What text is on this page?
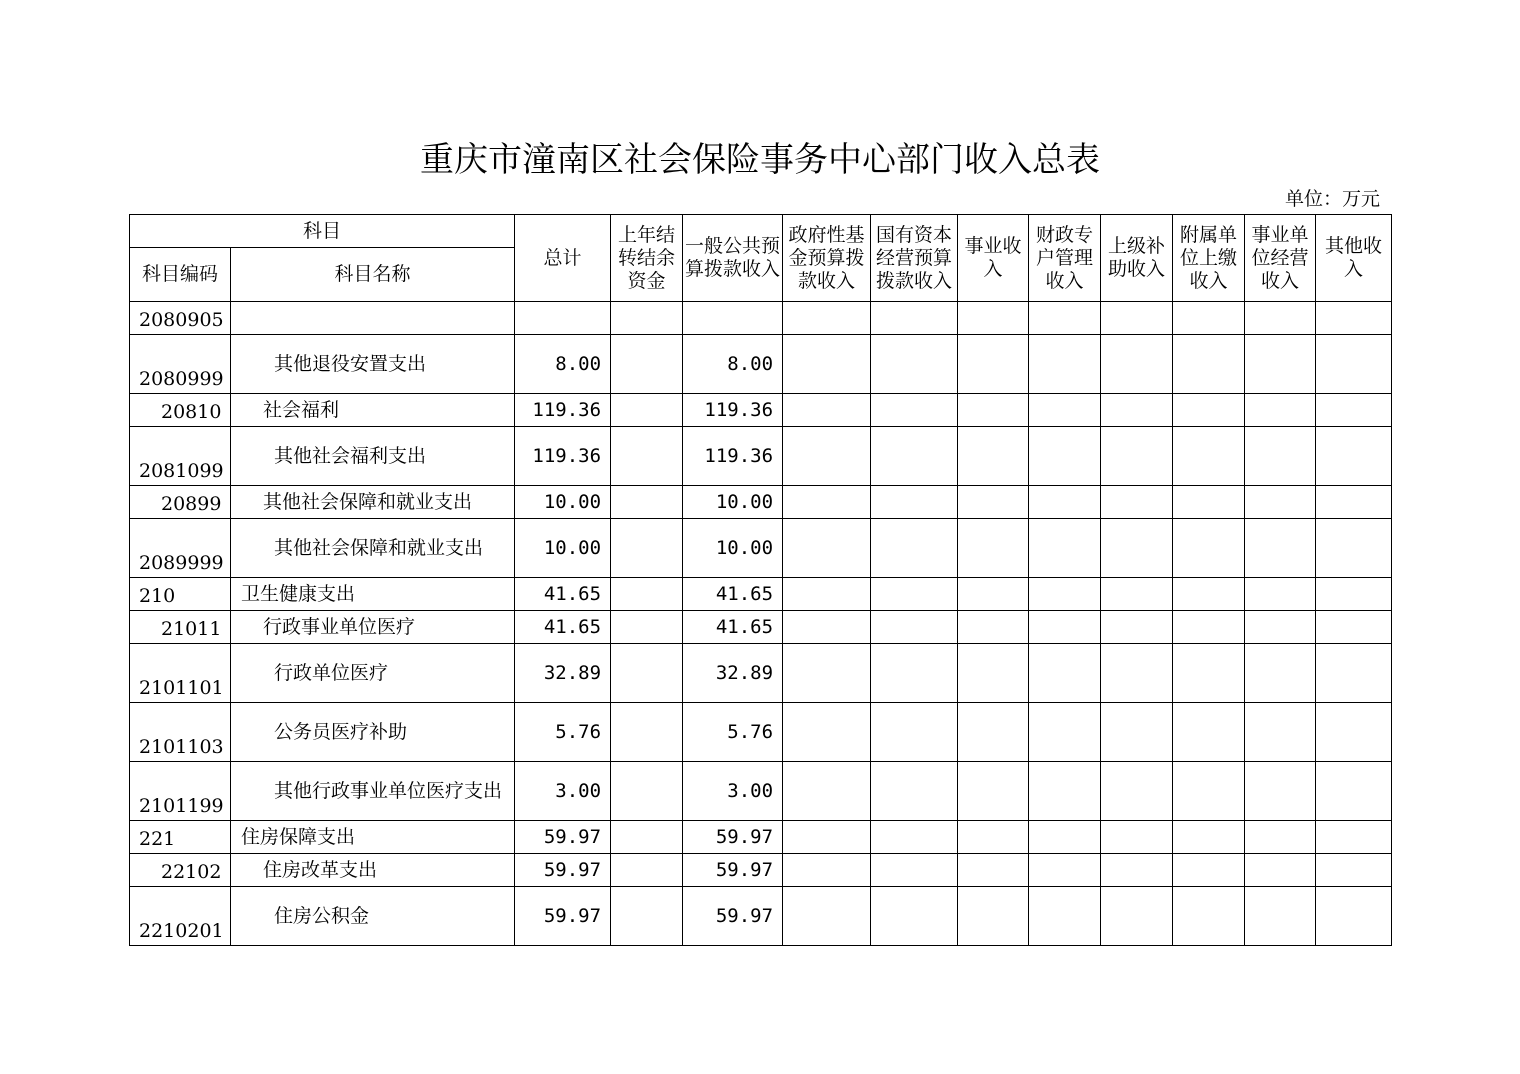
重庆市潼南区社会保险事务中心部门收入总表
单位：万元
科目		总计	上年结转结余资金	一般公共预算拨款收入	政府性基金预算拨款收入	国有资本经营预算拨款收入	事业收入	财政专户管理收入	上级补助收入	附属单位上缴收入	事业单位经营收入	其他收入
科目编码	科目名称											
2080905												
2080999	其他退役安置支出	8.00		8.00								
20810	社会福利	119.36		119.36								
2081099	其他社会福利支出	119.36		119.36								
20899	其他社会保障和就业支出	10.00		10.00								
2089999	其他社会保障和就业支出	10.00		10.00								
210	卫生健康支出	41.65		41.65								
21011	行政事业单位医疗	41.65		41.65								
2101101	行政单位医疗	32.89		32.89								
2101103	公务员医疗补助	5.76		5.76								
2101199	其他行政事业单位医疗支出	3.00		3.00								
221	住房保障支出	59.97		59.97								
22102	住房改革支出	59.97		59.97								
2210201	住房公积金	59.97		59.97								
